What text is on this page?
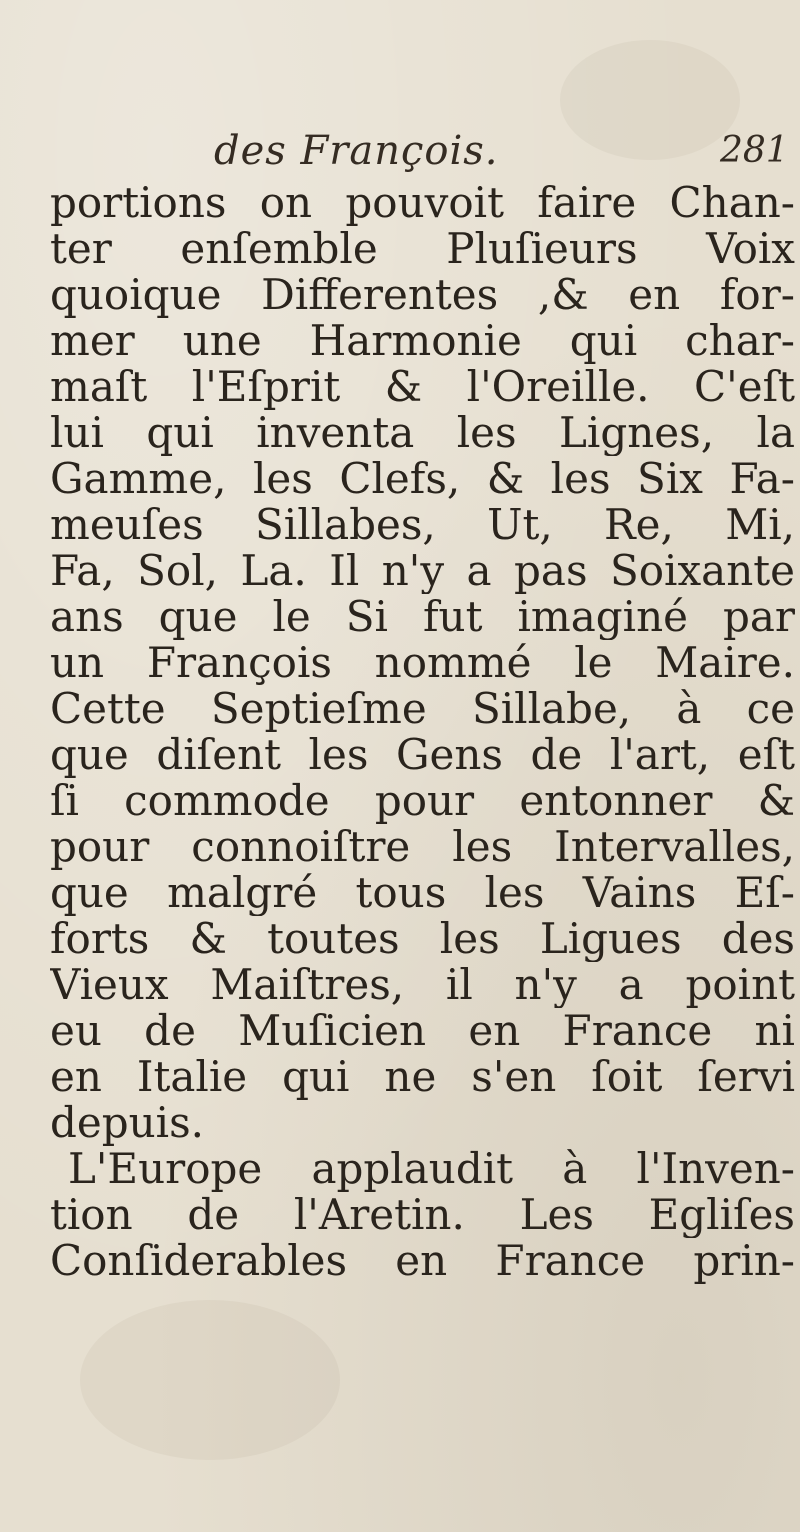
des François.	281
portions on pouvoit faire Chan-
ter enſemble Pluſieurs Voix
quoique Differentes ,& en for-
mer une Harmonie qui char-
maſt l'Eſprit & l'Oreille. C'eſt
lui qui inventa les Lignes, la
Gamme, les Clefs, & les Six Fa-
meuſes Sillabes, Ut, Re, Mi,
Fa, Sol, La. Il n'y a pas Soixante
ans que le Si fut imaginé par
un François nommé le Maire.
Cette Septieſme Sillabe, à ce
que diſent les Gens de l'art, eſt
ſi commode pour entonner &
pour connoiſtre les Intervalles,
que malgré tous les Vains Eſ-
forts & toutes les Ligues des
Vieux Maiſtres, il n'y a point
eu de Muſicien en France ni
en Italie qui ne s'en ſoit ſervi
depuis.
L'Europe applaudit à l'Inven-
tion de l'Aretin. Les Egliſes
Conſiderables en France prin-
